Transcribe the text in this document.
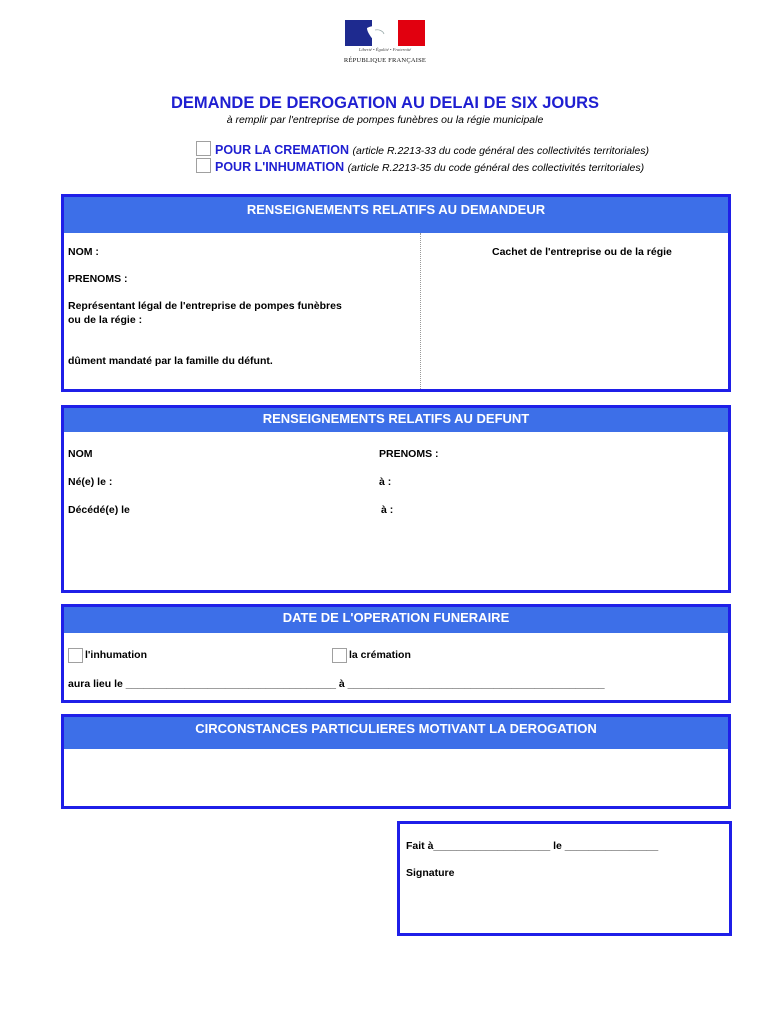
Liberté • Égalité • Fraternité
RÉPUBLIQUE FRANÇAISE
DEMANDE DE DEROGATION AU DELAI DE SIX JOURS
à remplir par l'entreprise de pompes funèbres ou la régie municipale
POUR LA CREMATION (article R.2213-33 du code général des collectivités territoriales)
POUR L'INHUMATION (article R.2213-35 du code général des collectivités territoriales)
RENSEIGNEMENTS RELATIFS AU DEMANDEUR
NOM :	Cachet de l'entreprise ou de la régie
PRENOMS :
Représentant légal de l'entreprise de pompes funèbres
ou de la régie :
dûment mandaté par la famille du défunt.
RENSEIGNEMENTS RELATIFS AU DEFUNT
NOM	PRENOMS :
Né(e) le :	à :
Décédé(e) le	à :
DATE DE L'OPERATION FUNERAIRE
l'inhumation	la crémation
aura lieu le ____________________________________ à ____________________________________________
CIRCONSTANCES PARTICULIERES MOTIVANT LA DEROGATION
Fait à____________________ le ________________
Signature
